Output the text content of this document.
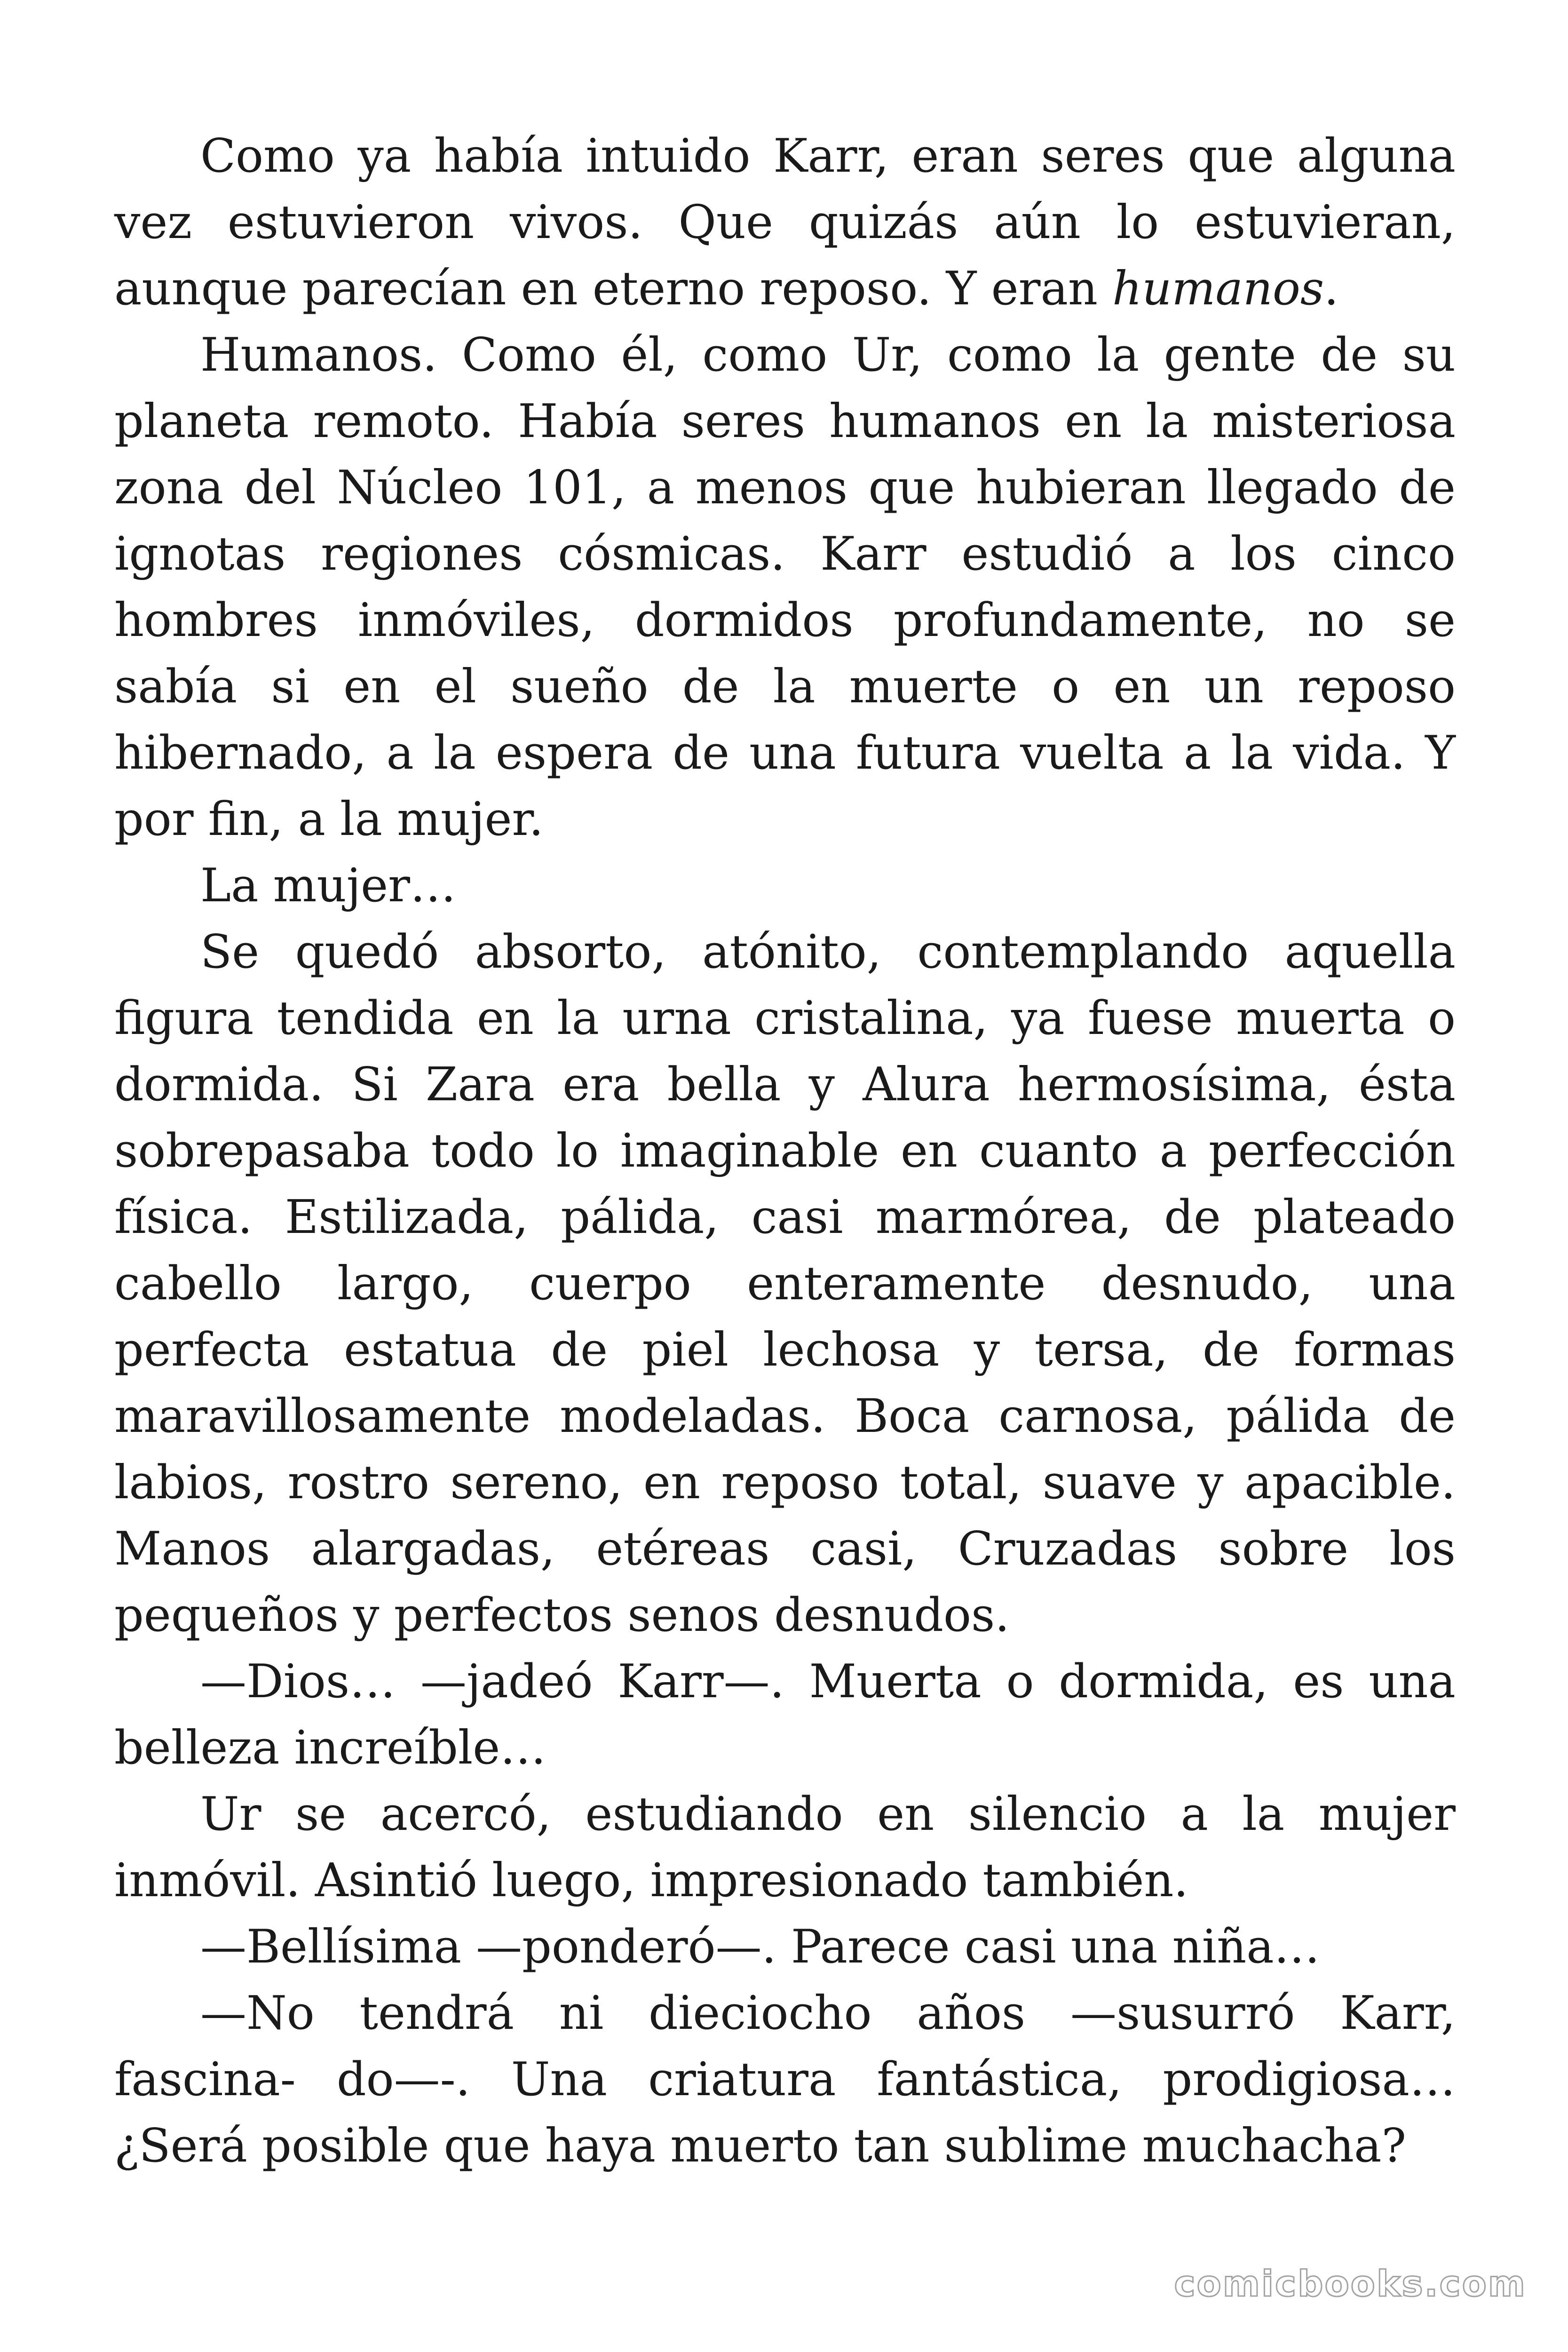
Como ya había intuido Karr, eran seres que alguna vez estuvieron vivos. Que quizás aún lo estuvieran, aunque parecían en eterno reposo. Y eran humanos.

Humanos. Como él, como Ur, como la gente de su planeta remoto. Había seres humanos en la misteriosa zona del Núcleo 101, a menos que hubieran llegado de ignotas regiones cósmicas. Karr estudió a los cinco hombres inmóviles, dormidos profundamente, no se sabía si en el sueño de la muerte o en un reposo hibernado, a la espera de una futura vuelta a la vida. Y por fin, a la mujer.

La mujer…

Se quedó absorto, atónito, contemplando aquella figura tendida en la urna cristalina, ya fuese muerta o dormida. Si Zara era bella y Alura hermosísima, ésta sobrepasaba todo lo imaginable en cuanto a perfección física. Estilizada, pálida, casi marmórea, de plateado cabello largo, cuerpo enteramente desnudo, una perfecta estatua de piel lechosa y tersa, de formas maravillosamente modeladas. Boca carnosa, pálida de labios, rostro sereno, en reposo total, suave y apacible. Manos alargadas, etéreas casi, Cruzadas sobre los pequeños y perfectos senos desnudos.

—Dios… —jadeó Karr—. Muerta o dormida, es una belleza increíble…

Ur se acercó, estudiando en silencio a la mujer inmóvil. Asintió luego, impresionado también.

—Bellísima —ponderó—. Parece casi una niña…

—No tendrá ni dieciocho años —susurró Karr, fascina- do—-. Una criatura fantástica, prodigiosa… ¿Será posible que haya muerto tan sublime muchacha?

comicbooks.com
